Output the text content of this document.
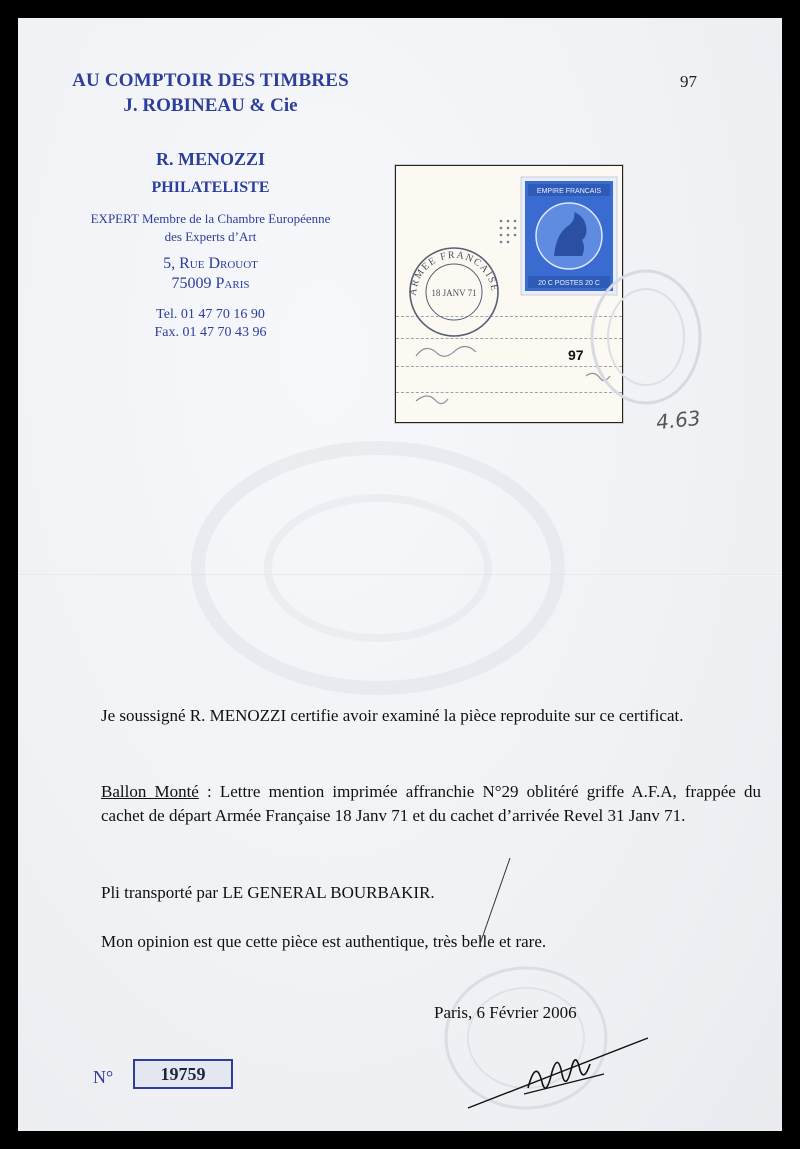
AU COMPTOIR DES TIMBRES
J. ROBINEAU & Cie
R. MENOZZI
PHILATELISTE
EXPERT Membre de la Chambre Européenne
des Experts d’Art
5, Rue Drouot
75009 Paris
Tel. 01 47 70 16 90
Fax. 01 47 70 43 96
97
ARMEE FRANCAISE
18 JANV 71
EMPIRE FRANCAIS
20 C POSTES 20 C
97
4.63
Je soussigné R. MENOZZI certifie avoir examiné la pièce reproduite sur ce certificat.
Ballon Monté : Lettre mention imprimée affranchie N°29 oblitéré griffe A.F.A, frappée du cachet de départ Armée Française 18 Janv 71 et du cachet d’arrivée Revel 31 Janv 71.
Pli transporté par LE GENERAL BOURBAKIR.
Mon opinion est que cette pièce est authentique, très belle et rare.
Paris, 6 Février 2006
N°	19759
